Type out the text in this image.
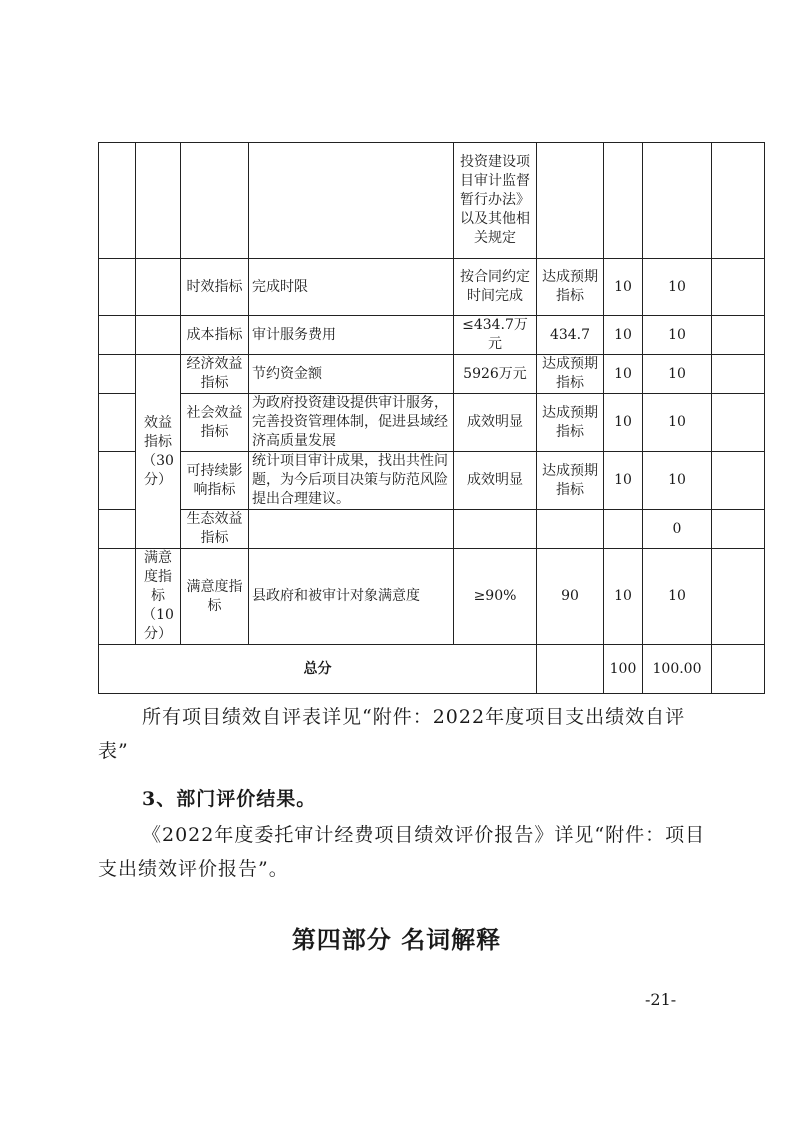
				投资建设项目审计监督暂行办法》以及其他相关规定				
		时效指标	完成时限	按合同约定时间完成	达成预期指标	10	10	
		成本指标	审计服务费用	≤434.7万元	434.7	10	10	
	效益指标（30分）	经济效益指标	节约资金额	5926万元	达成预期指标	10	10	
		社会效益指标	为政府投资建设提供审计服务，完善投资管理体制，促进县域经济高质量发展	成效明显	达成预期指标	10	10	
		可持续影响指标	统计项目审计成果，找出共性问题，为今后项目决策与防范风险提出合理建议。	成效明显	达成预期指标	10	10	
		生态效益指标					0	
	满意度指标（10分）	满意度指标	县政府和被审计对象满意度	≥90%	90	10	10	
总分						100	100.00	

所有项目绩效自评表详见“附件：2022年度项目支出绩效自评表”

3、部门评价结果。

《2022年度委托审计经费项目绩效评价报告》详见“附件：项目支出绩效评价报告”。

第四部分 名词解释
-21-
